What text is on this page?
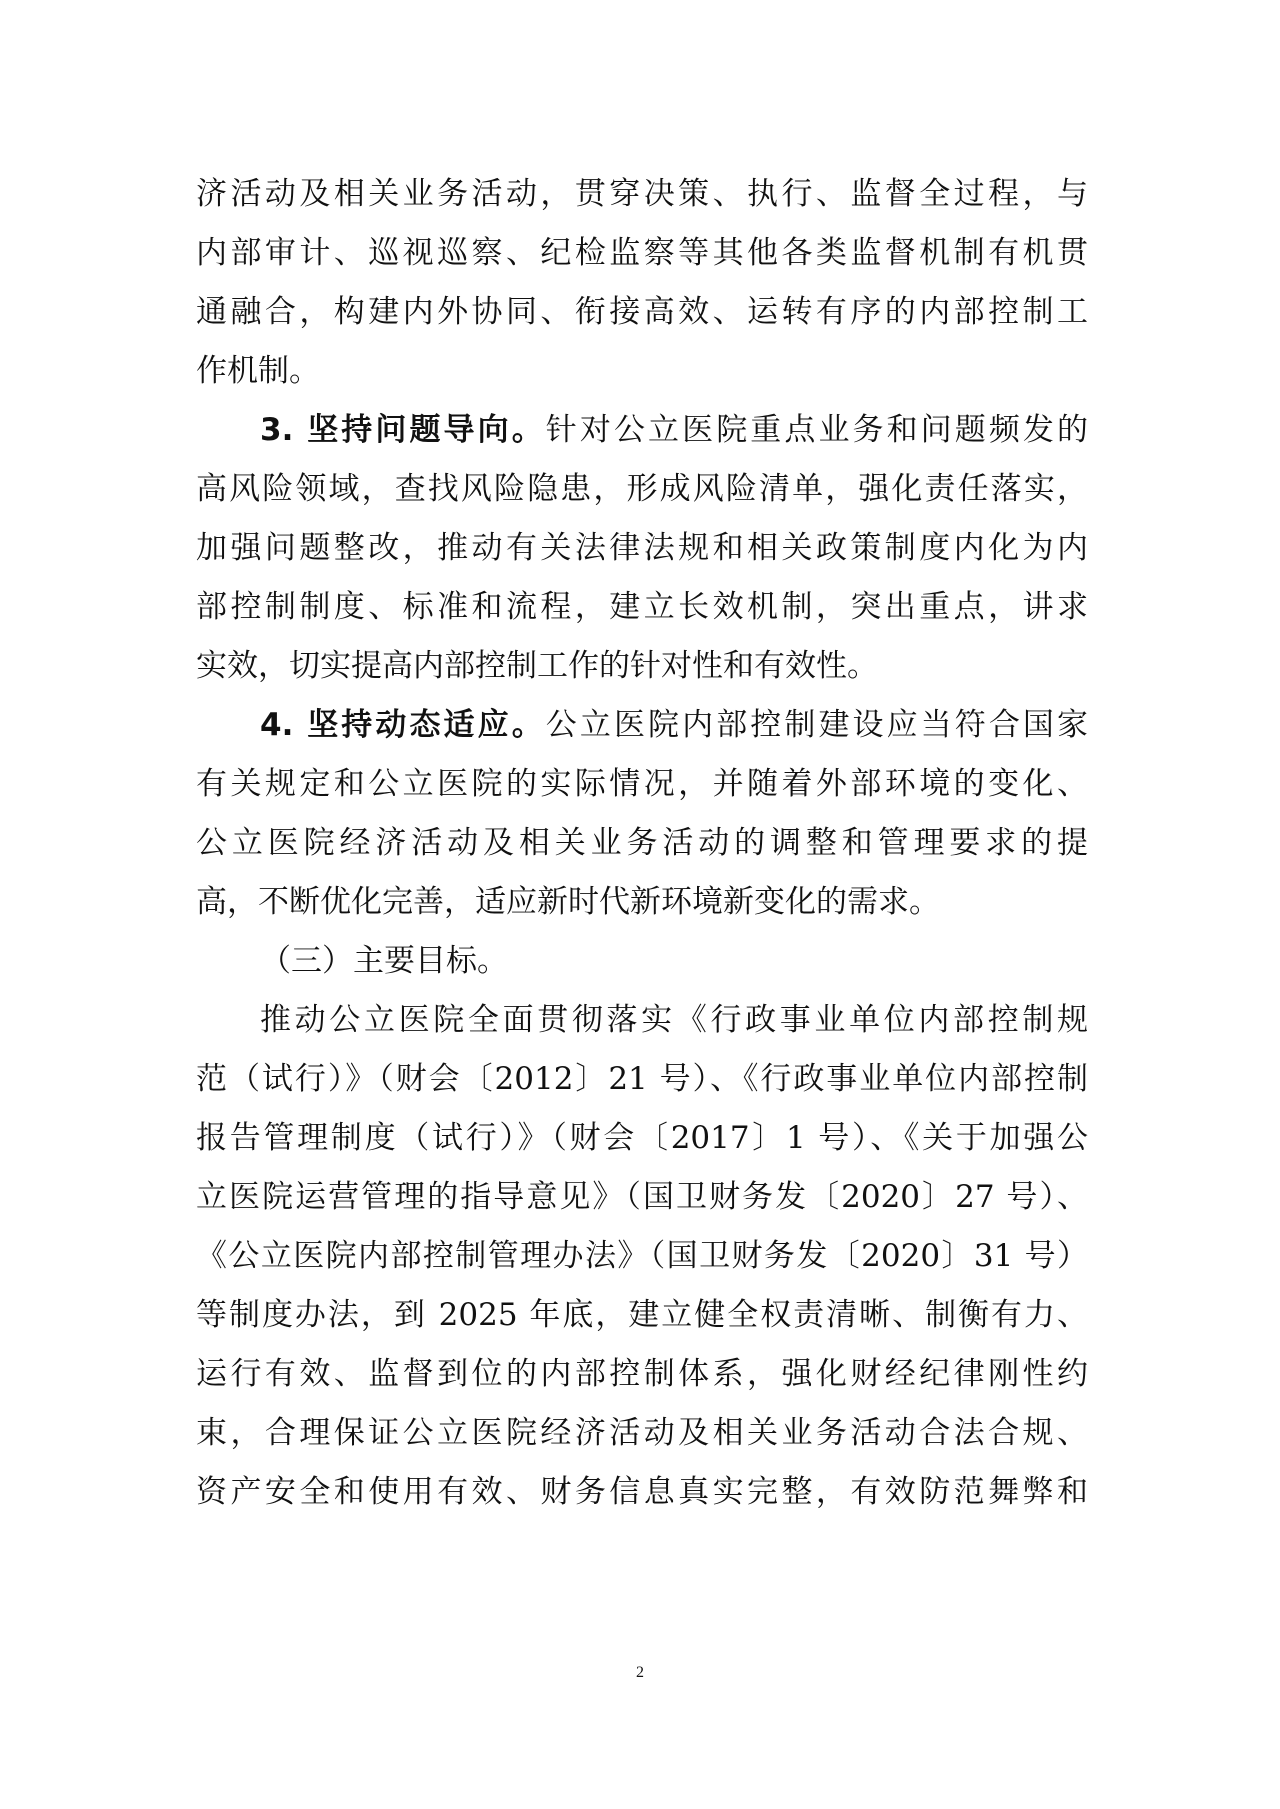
济活动及相关业务活动，贯穿决策、执行、监督全过程，与
内部审计、巡视巡察、纪检监察等其他各类监督机制有机贯
通融合，构建内外协同、衔接高效、运转有序的内部控制工
作机制。
3. 坚持问题导向。针对公立医院重点业务和问题频发的
高风险领域，查找风险隐患，形成风险清单，强化责任落实，
加强问题整改，推动有关法律法规和相关政策制度内化为内
部控制制度、标准和流程，建立长效机制，突出重点，讲求
实效，切实提高内部控制工作的针对性和有效性。
4. 坚持动态适应。公立医院内部控制建设应当符合国家
有关规定和公立医院的实际情况，并随着外部环境的变化、
公立医院经济活动及相关业务活动的调整和管理要求的提
高，不断优化完善，适应新时代新环境新变化的需求。
（三）主要目标。
推动公立医院全面贯彻落实《行政事业单位内部控制规
范（试行）》（财会〔2012〕21 号）、《行政事业单位内部控制
报告管理制度（试行）》（财会〔2017〕1 号）、《关于加强公
立医院运营管理的指导意见》（国卫财务发〔2020〕27 号）、
《公立医院内部控制管理办法》（国卫财务发〔2020〕31 号）
等制度办法，到 2025 年底，建立健全权责清晰、制衡有力、
运行有效、监督到位的内部控制体系，强化财经纪律刚性约
束，合理保证公立医院经济活动及相关业务活动合法合规、
资产安全和使用有效、财务信息真实完整，有效防范舞弊和
2
